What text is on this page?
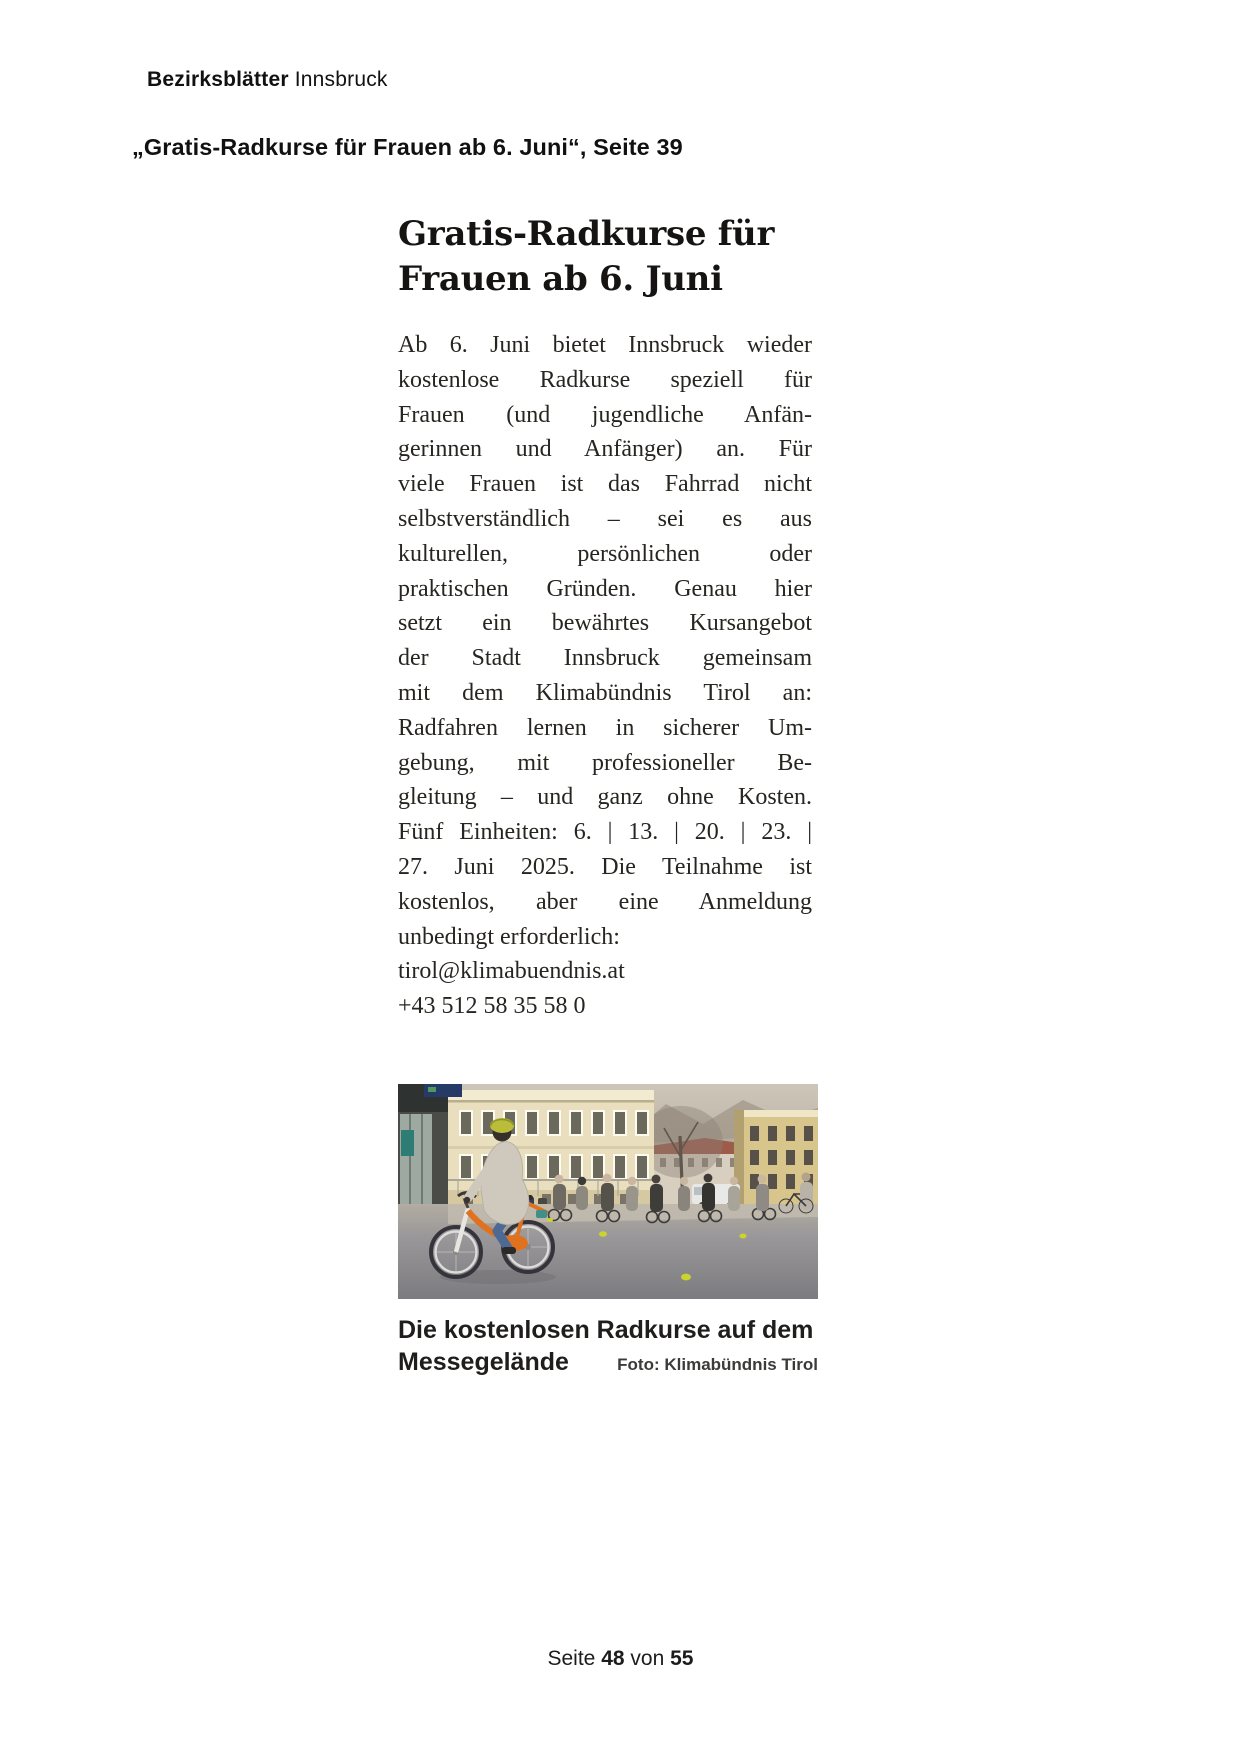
Bezirksblätter Innsbruck
„Gratis-Radkurse für Frauen ab 6. Juni“, Seite 39
Gratis-Radkurse für
Frauen ab 6. Juni
Ab 6. Juni bietet Innsbruck wieder
kostenlose Radkurse speziell für
Frauen (und jugendliche Anfän-
gerinnen und Anfänger) an. Für
viele Frauen ist das Fahrrad nicht
selbstverständlich – sei es aus
kulturellen, persönlichen oder
praktischen Gründen. Genau hier
setzt ein bewährtes Kursangebot
der Stadt Innsbruck gemeinsam
mit dem Klimabündnis Tirol an:
Radfahren lernen in sicherer Um-
gebung, mit professioneller Be-
gleitung – und ganz ohne Kosten.
Fünf Einheiten: 6. | 13. | 20. | 23. |
27. Juni 2025. Die Teilnahme ist
kostenlos, aber eine Anmeldung
unbedingt erforderlich:
tirol@klimabuendnis.at
+43 512 58 35 58 0
Die kostenlosen Radkurse auf dem
Messegelände	Foto: Klimabündnis Tirol
Seite 48 von 55
